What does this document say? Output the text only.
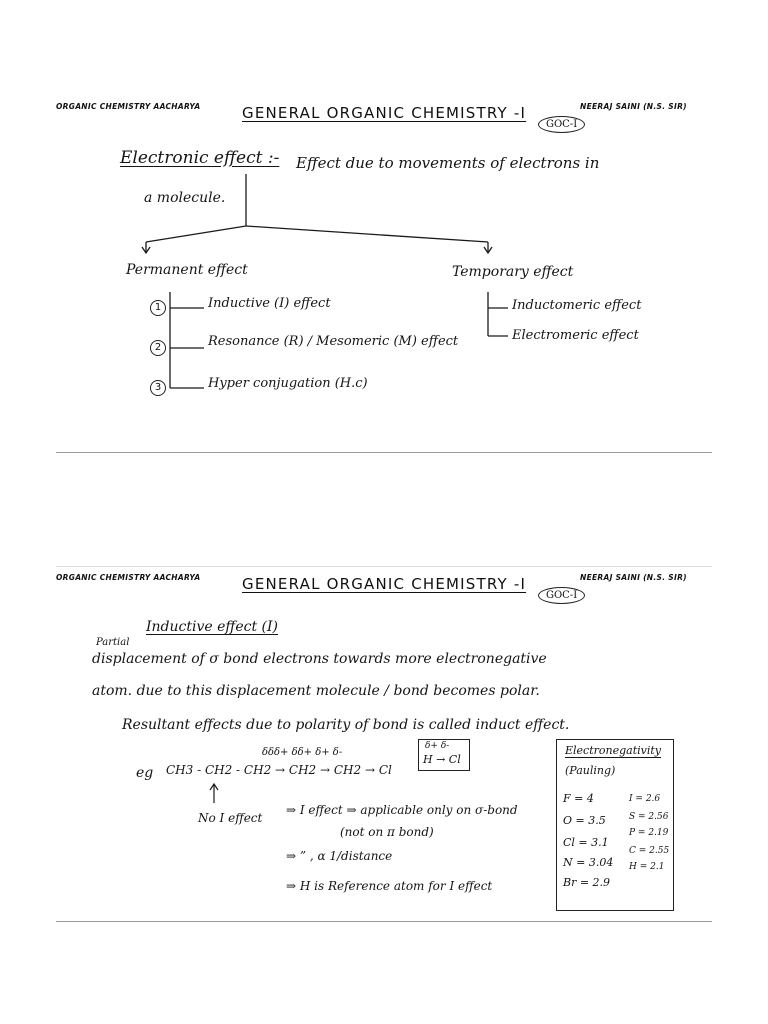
ORGANIC CHEMISTRY AACHARYA	GENERAL ORGANIC CHEMISTRY -I
GOC-I
NEERAJ SAINI (N.S. SIR)
Electronic effect :- Effect due to movements of electrons in
a molecule.
Permanent effect	Temporary effect
1	Inductive (I) effect
2	Resonance (R) / Mesomeric (M) effect
3	Hyper conjugation (H.c)
Inductomeric effect
Electromeric effect
ORGANIC CHEMISTRY AACHARYA	GENERAL ORGANIC CHEMISTRY -I
GOC-I
NEERAJ SAINI (N.S. SIR)
Inductive effect (I)
Partial
displacement of σ bond electrons towards more electronegative
atom. due to this displacement molecule / bond becomes polar.
Resultant effects due to polarity of bond is called induct effect.
δδδ+ δδ+ δ+ δ-
eg CH3 - CH2 - CH2 → CH2 → CH2 → Cl
No I effect
δ+ δ-
H → Cl
⇒ I effect ⇒ applicable only on σ-bond
(not on π bond)
⇒ ” , α 1/distance
⇒ H is Reference atom for I effect
Electronegativity
(Pauling)
F = 4
O = 3.5
Cl = 3.1
N = 3.04
Br = 2.9
I = 2.6
S = 2.56
P = 2.19
C = 2.55
H = 2.1
